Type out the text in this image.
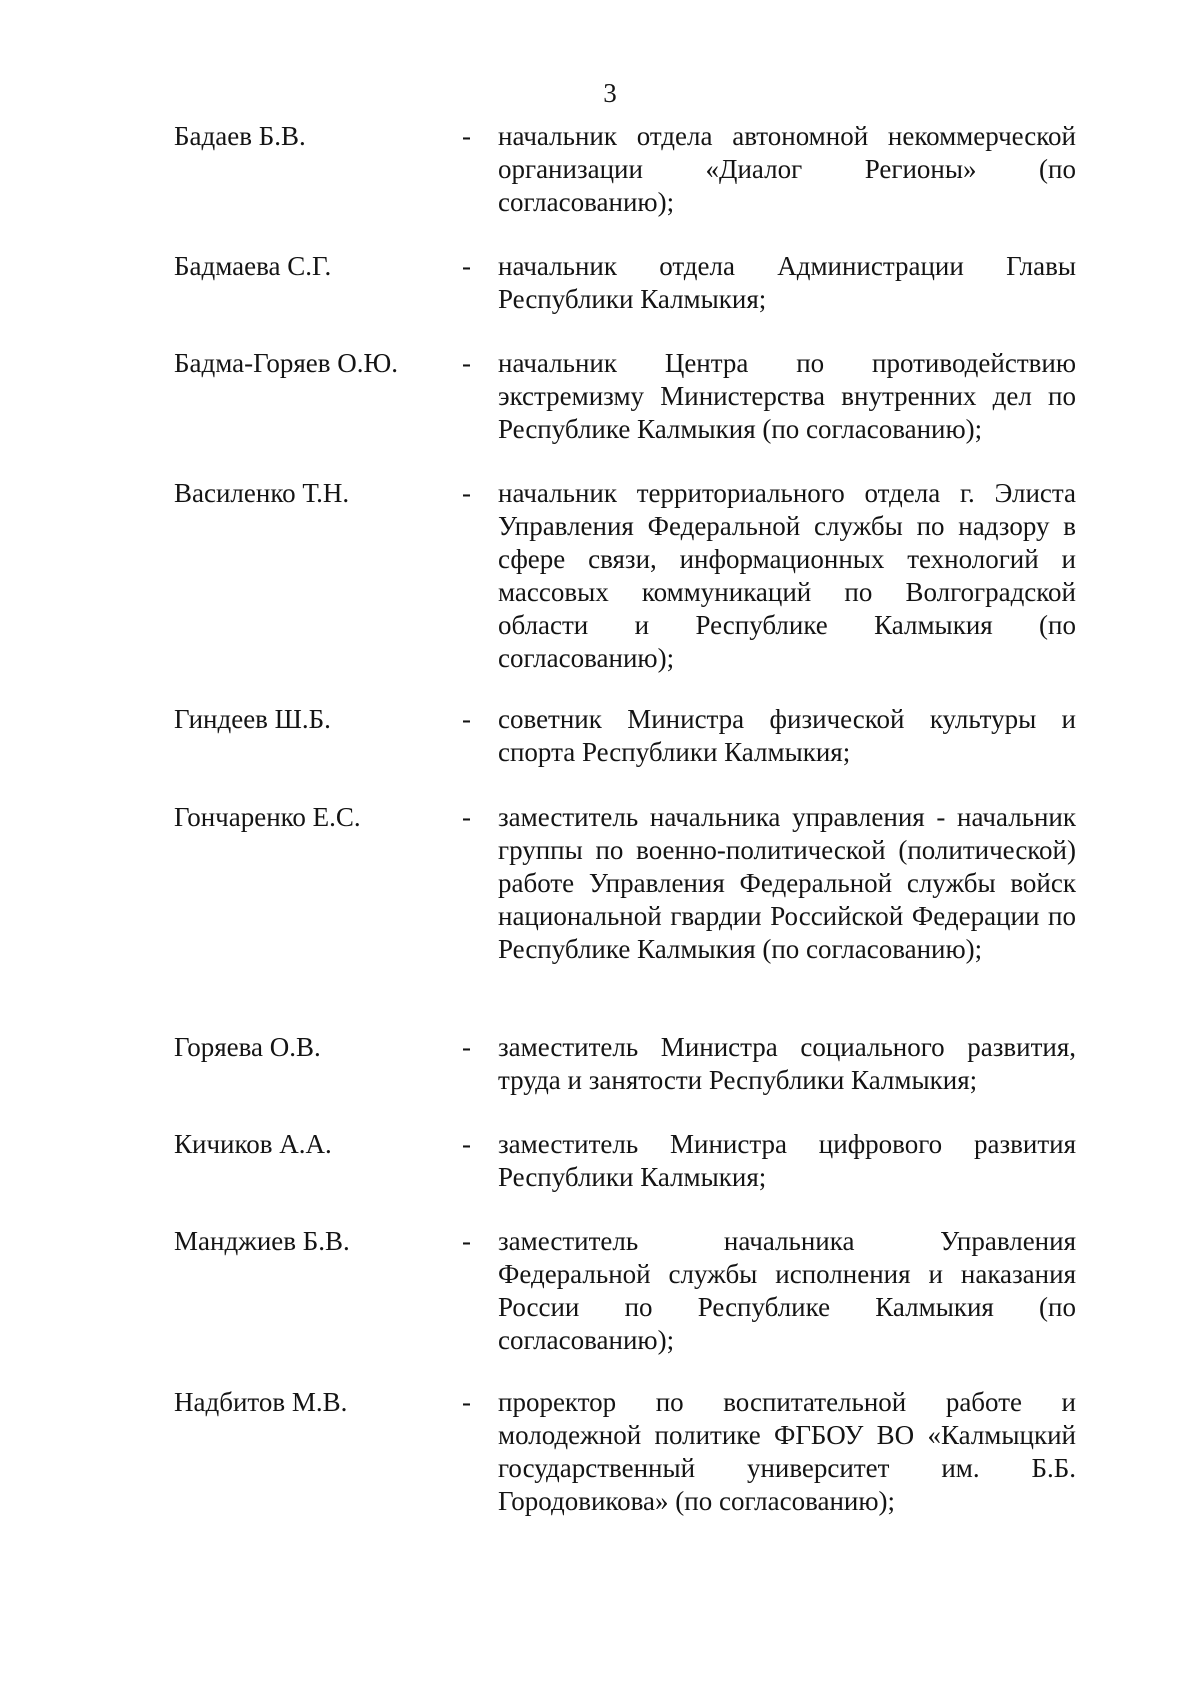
3
Бадаев Б.В.	- начальник отдела автономной некоммерческой организации «Диалог Регионы» (по согласованию);
Бадмаева С.Г.	- начальник отдела Администрации Главы Республики Калмыкия;
Бадма-Горяев О.Ю. - начальник Центра по противодействию экстремизму Министерства внутренних дел по Республике Калмыкия (по согласованию);
Василенко Т.Н.	- начальник территориального отдела г. Элиста Управления Федеральной службы по надзору в сфере связи, информационных технологий и массовых коммуникаций по Волгоградской области и Республике Калмыкия (по согласованию);
Гиндеев Ш.Б.	- советник Министра физической культуры и спорта Республики Калмыкия;
Гончаренко Е.С.	- заместитель начальника управления - начальник группы по военно-политической (политической) работе Управления Федеральной службы войск национальной гвардии Российской Федерации по Республике Калмыкия (по согласованию);
Горяева О.В.	- заместитель Министра социального развития, труда и занятости Республики Калмыкия;
Кичиков А.А.	- заместитель Министра цифрового развития Республики Калмыкия;
Манджиев Б.В.	- заместитель начальника Управления Федеральной службы исполнения и наказания России по Республике Калмыкия (по согласованию);
Надбитов М.В.	- проректор по воспитательной работе и молодежной политике ФГБОУ ВО «Калмыцкий государственный университет им. Б.Б. Городовикова» (по согласованию);
